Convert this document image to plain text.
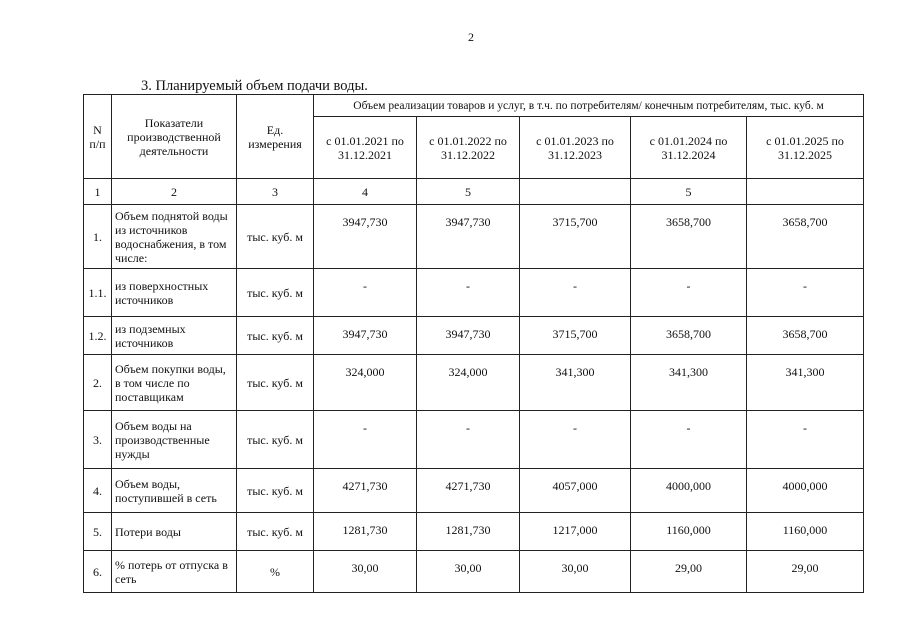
2
3. Планируемый объем подачи воды.
N п/п	Показатели производственной деятельности	Ед. измерения	Объем реализации товаров и услуг, в т.ч. по потребителям/ конечным потребителям, тыс. куб. м				
			с 01.01.2021 по 31.12.2021	с 01.01.2022 по 31.12.2022	с 01.01.2023 по 31.12.2023	с 01.01.2024 по 31.12.2024	с 01.01.2025 по 31.12.2025
1	2	3	4	5		5	
1.	Объем поднятой воды из источников водоснабжения, в том числе:	тыс. куб. м	3947,730	3947,730	3715,700	3658,700	3658,700
1.1.	из поверхностных источников	тыс. куб. м	-	-	-	-	-
1.2.	из подземных источников	тыс. куб. м	3947,730	3947,730	3715,700	3658,700	3658,700
2.	Объем покупки воды, в том числе по поставщикам	тыс. куб. м	324,000	324,000	341,300	341,300	341,300
3.	Объем воды на производственные нужды	тыс. куб. м	-	-	-	-	-
4.	Объем воды, поступившей в сеть	тыс. куб. м	4271,730	4271,730	4057,000	4000,000	4000,000
5.	Потери воды	тыс. куб. м	1281,730	1281,730	1217,000	1160,000	1160,000
6.	% потерь от отпуска в сеть	%	30,00	30,00	30,00	29,00	29,00
